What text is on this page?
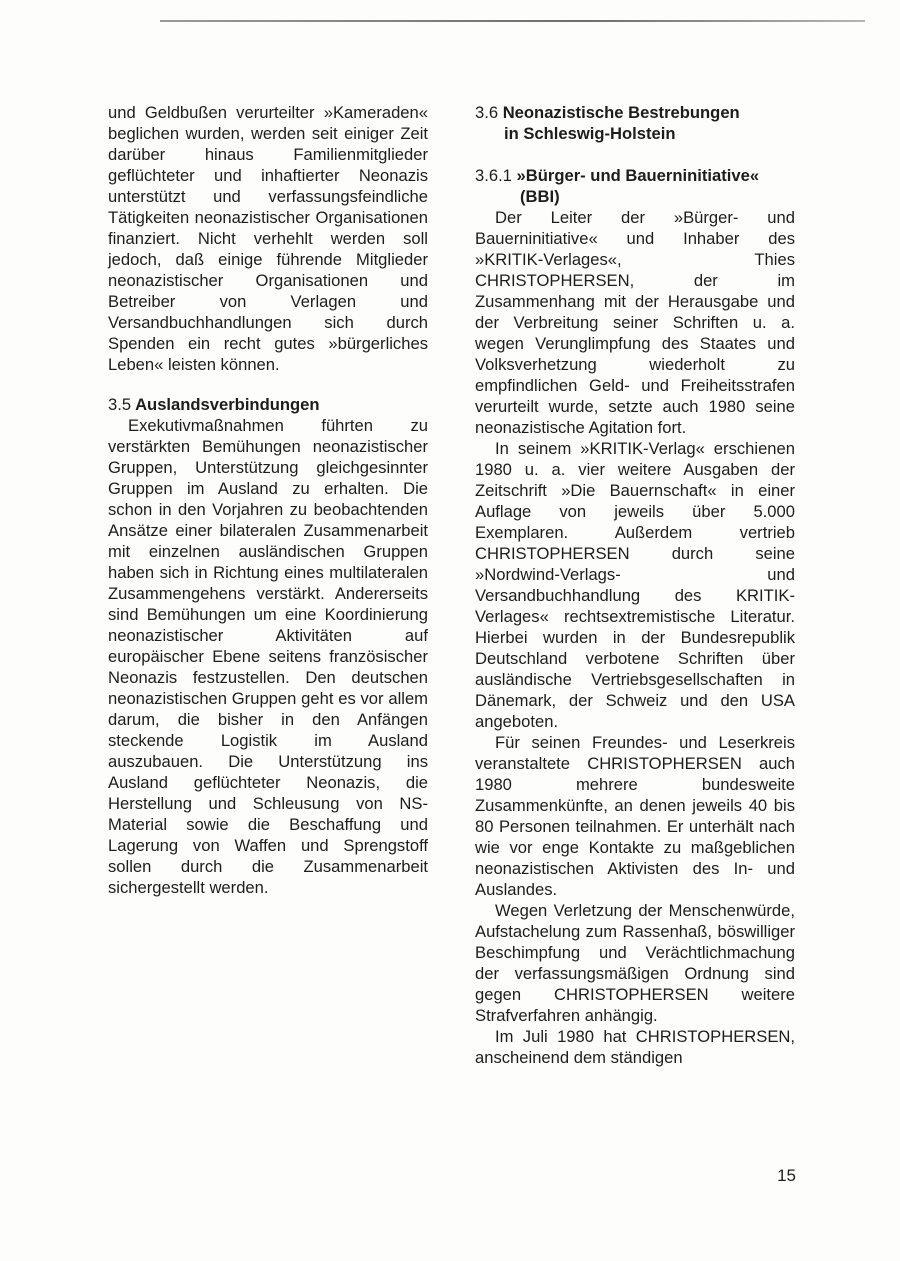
und Geldbußen verurteilter »Kameraden« beglichen wurden, werden seit einiger Zeit darüber hinaus Familienmitglieder geflüchteter und inhaftierter Neonazis unterstützt und verfassungsfeindliche Tätigkeiten neonazistischer Organisationen finanziert. Nicht verhehlt werden soll jedoch, daß einige führende Mitglieder neonazistischer Organisationen und Betreiber von Verlagen und Versandbuchhandlungen sich durch Spenden ein recht gutes »bürgerliches Leben« leisten können.

3.5 Auslandsverbindungen

Exekutivmaßnahmen führten zu verstärkten Bemühungen neonazistischer Gruppen, Unterstützung gleichgesinnter Gruppen im Ausland zu erhalten. Die schon in den Vorjahren zu beobachtenden Ansätze einer bilateralen Zusammenarbeit mit einzelnen ausländischen Gruppen haben sich in Richtung eines multilateralen Zusammengehens verstärkt. Andererseits sind Bemühungen um eine Koordinierung neonazistischer Aktivitäten auf europäischer Ebene seitens französischer Neonazis festzustellen. Den deutschen neonazistischen Gruppen geht es vor allem darum, die bisher in den Anfängen steckende Logistik im Ausland auszubauen. Die Unterstützung ins Ausland geflüchteter Neonazis, die Herstellung und Schleusung von NS-Material sowie die Beschaffung und Lagerung von Waffen und Sprengstoff sollen durch die Zusammenarbeit sichergestellt werden.

3.6 Neonazistische Bestrebungen
in Schleswig-Holstein

3.6.1 »Bürger- und Bauerninitiative«
(BBI)

Der Leiter der »Bürger- und Bauerninitiative« und Inhaber des »KRITIK-Verlages«, Thies CHRISTOPHERSEN, der im Zusammenhang mit der Herausgabe und der Verbreitung seiner Schriften u. a. wegen Verunglimpfung des Staates und Volksverhetzung wiederholt zu empfindlichen Geld- und Freiheitsstrafen verurteilt wurde, setzte auch 1980 seine neonazistische Agitation fort.

In seinem »KRITIK-Verlag« erschienen 1980 u. a. vier weitere Ausgaben der Zeitschrift »Die Bauernschaft« in einer Auflage von jeweils über 5.000 Exemplaren. Außerdem vertrieb CHRISTOPHERSEN durch seine »Nordwind-Verlags- und Versandbuchhandlung des KRITIK-Verlages« rechtsextremistische Literatur. Hierbei wurden in der Bundesrepublik Deutschland verbotene Schriften über ausländische Vertriebsgesellschaften in Dänemark, der Schweiz und den USA angeboten.

Für seinen Freundes- und Leserkreis veranstaltete CHRISTOPHERSEN auch 1980 mehrere bundesweite Zusammenkünfte, an denen jeweils 40 bis 80 Personen teilnahmen. Er unterhält nach wie vor enge Kontakte zu maßgeblichen neonazistischen Aktivisten des In- und Auslandes.

Wegen Verletzung der Menschenwürde, Aufstachelung zum Rassenhaß, böswilliger Beschimpfung und Verächtlichmachung der verfassungsmäßigen Ordnung sind gegen CHRISTOPHERSEN weitere Strafverfahren anhängig.

Im Juli 1980 hat CHRISTOPHERSEN, anscheinend dem ständigen

15
